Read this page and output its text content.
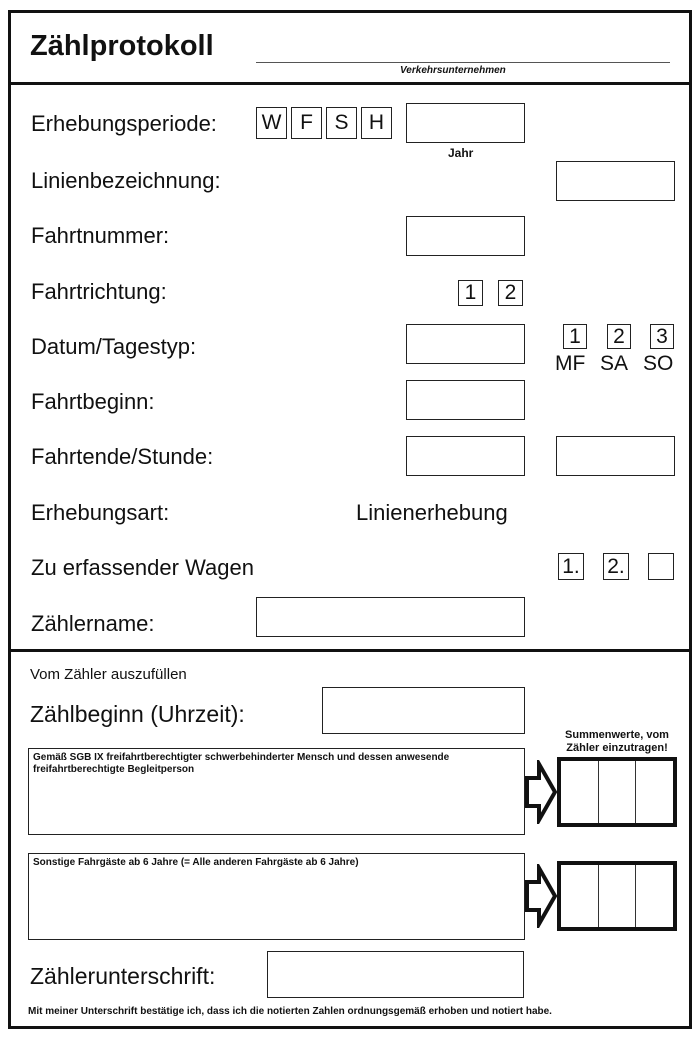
Zählprotokoll
Verkehrsunternehmen
Erhebungsperiode: W F S H
Jahr
Linienbezeichnung:
Fahrtnummer:
Fahrtrichtung:	1 2
Datum/Tagestyp:	1 2 3
MF SA SO
Fahrtbeginn:
Fahrtende/Stunde:
Erhebungsart:	Linienerhebung
Zu erfassender Wagen	1. 2.
Zählername:
Vom Zähler auszufüllen
Zählbeginn (Uhrzeit):
Summenwerte, vom
Zähler einzutragen!
Gemäß SGB IX freifahrtberechtigter schwerbehinderter Mensch und dessen anwesende freifahrtberechtigte Begleitperson
Sonstige Fahrgäste ab 6 Jahre (= Alle anderen Fahrgäste ab 6 Jahre)
Zählerunterschrift:
Mit meiner Unterschrift bestätige ich, dass ich die notierten Zahlen ordnungsgemäß erhoben und notiert habe.
